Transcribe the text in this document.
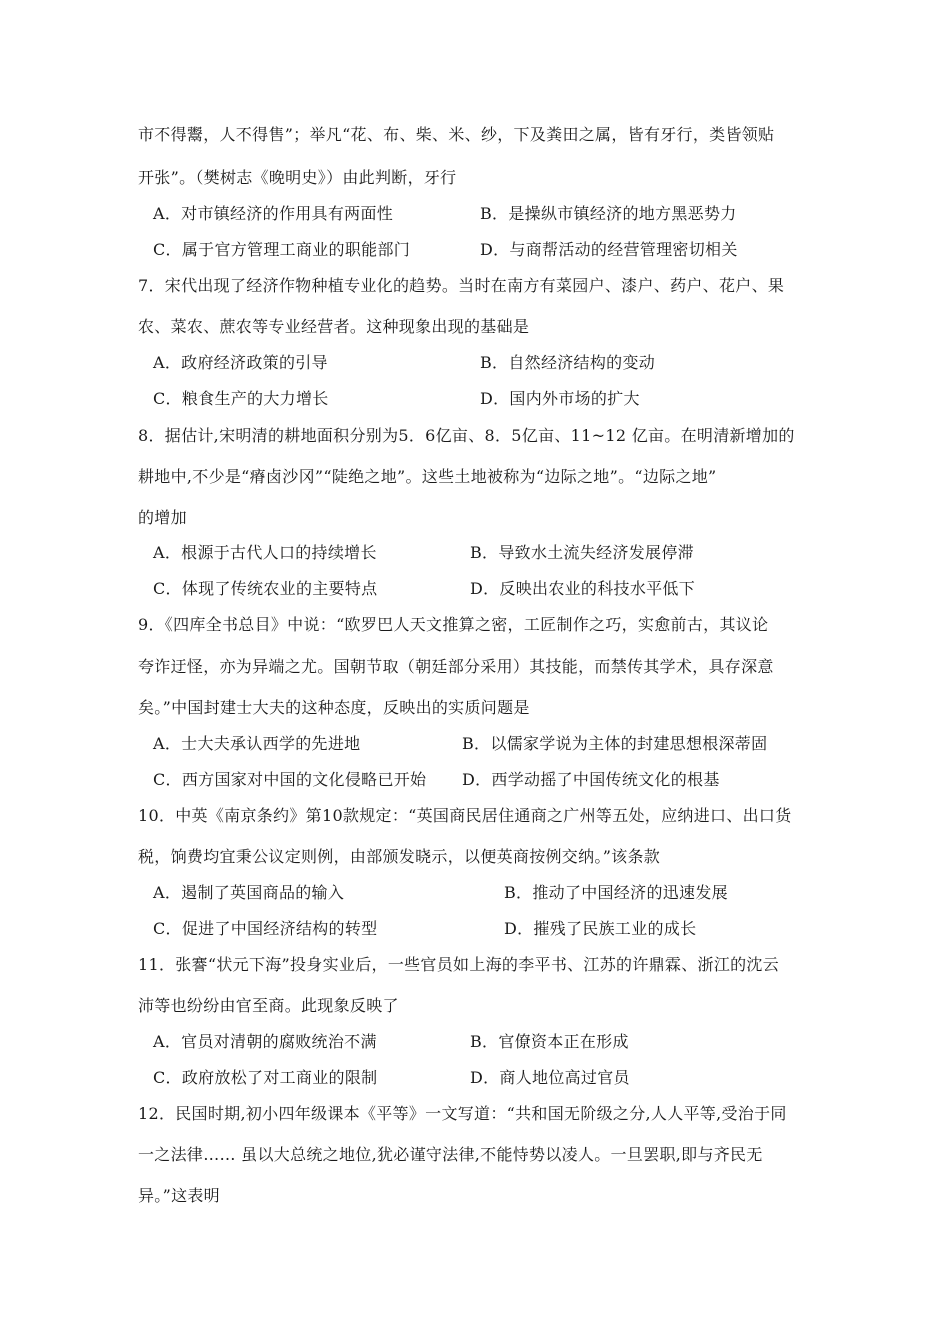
市不得鬻，人不得售”；举凡“花、布、柴、米、纱，下及粪田之属，皆有牙行，类皆领贴
开张”。（樊树志《晚明史》）由此判断，牙行
A．对市镇经济的作用具有两面性	B．是操纵市镇经济的地方黑恶势力
C．属于官方管理工商业的职能部门	D．与商帮活动的经营管理密切相关
7．宋代出现了经济作物种植专业化的趋势。当时在南方有菜园户、漆户、药户、花户、果
农、菜农、蔗农等专业经营者。这种现象出现的基础是
A．政府经济政策的引导	B．自然经济结构的变动
C．粮食生产的大力增长	D．国内外市场的扩大
8．据估计,宋明清的耕地面积分别为5．6亿亩、8．5亿亩、11~12 亿亩。在明清新增加的
耕地中,不少是“瘠卤沙冈”“陡绝之地”。这些土地被称为“边际之地”。“边际之地”
的增加
A．根源于古代人口的持续增长	B．导致水土流失经济发展停滞
C．体现了传统农业的主要特点	D．反映出农业的科技水平低下
9．《四库全书总目》中说：“欧罗巴人天文推算之密，工匠制作之巧，实愈前古，其议论
夸诈迂怪，亦为异端之尤。国朝节取（朝廷部分采用）其技能，而禁传其学术，具存深意
矣。”中国封建士大夫的这种态度，反映出的实质问题是
A．士大夫承认西学的先进地	B．以儒家学说为主体的封建思想根深蒂固
C．西方国家对中国的文化侵略已开始 D．西学动摇了中国传统文化的根基
10．中英《南京条约》第10款规定：“英国商民居住通商之广州等五处，应纳进口、出口货
税，饷费均宜秉公议定则例，由部颁发晓示，以便英商按例交纳。”该条款
A．遏制了英国商品的输入	B．推动了中国经济的迅速发展
C．促进了中国经济结构的转型	D．摧残了民族工业的成长
11．张謇“状元下海”投身实业后，一些官员如上海的李平书、江苏的许鼎霖、浙江的沈云
沛等也纷纷由官至商。此现象反映了
A．官员对清朝的腐败统治不满	B．官僚资本正在形成
C．政府放松了对工商业的限制	D．商人地位高过官员
12．民国时期,初小四年级课本《平等》一文写道：“共和国无阶级之分,人人平等,受治于同
一之法律…… 虽以大总统之地位,犹必谨守法律,不能恃势以凌人。一旦罢职,即与齐民无
异。”这表明
